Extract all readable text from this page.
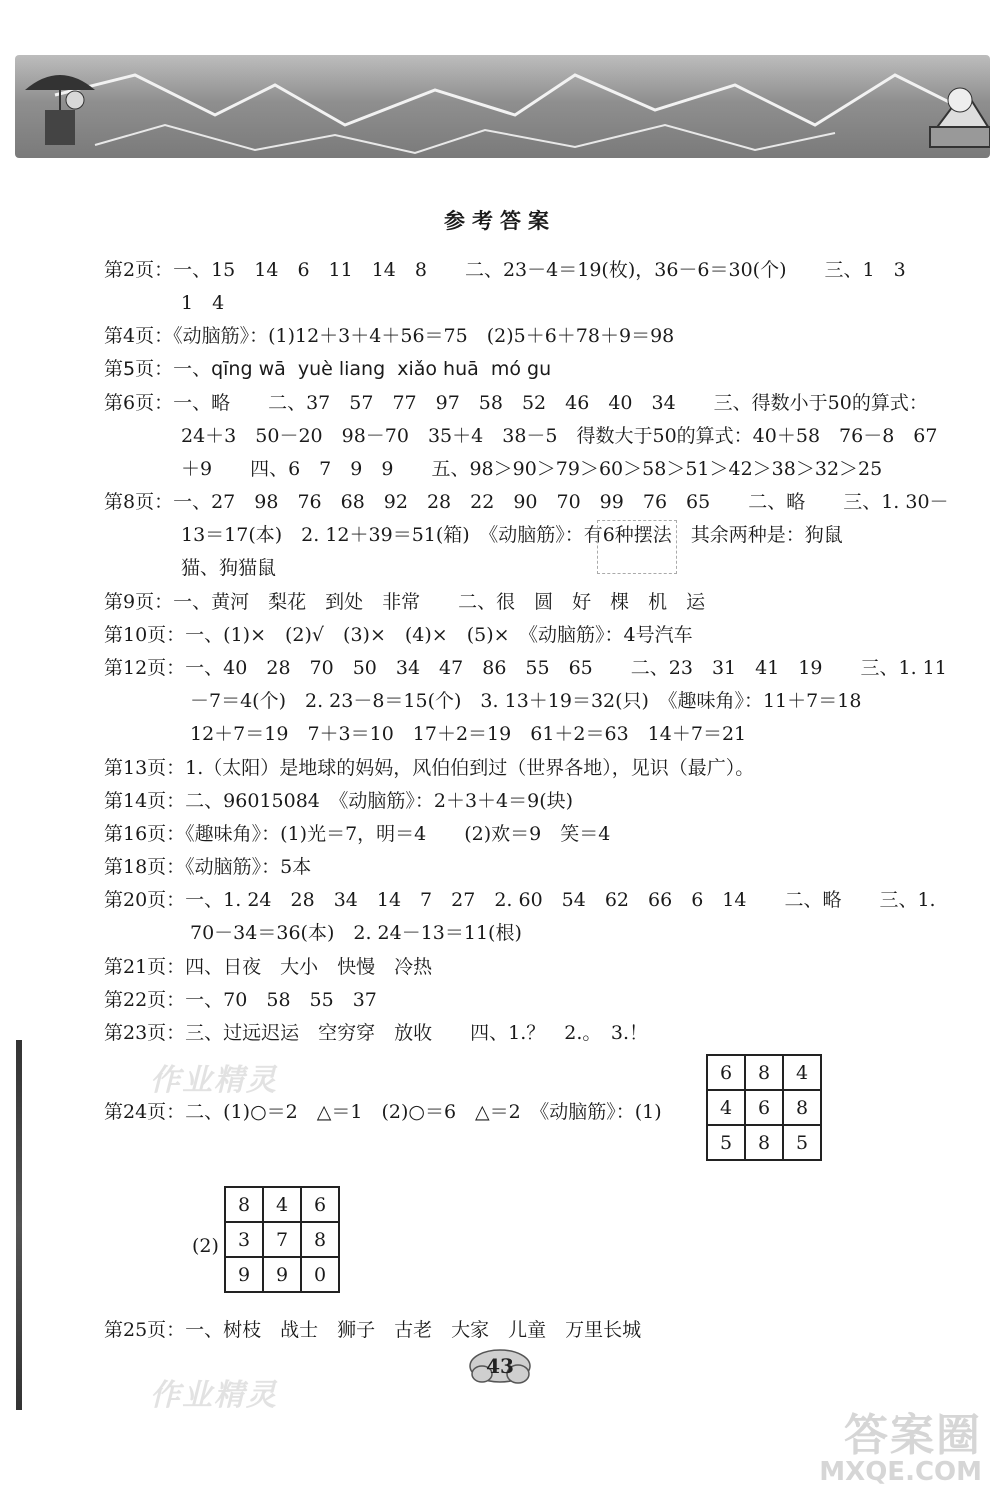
参考答案
第2页：一、15　14　6　11　14　8　　二、23－4＝19(枚)，36－6＝30(个)　　三、1　3
1　4
第4页：《动脑筋》：(1)12＋3＋4＋56＝75　(2)5＋6＋78＋9＝98
第5页：一、qīng wā  yuè liang  xiǎo huā  mó gu
第6页：一、略　　二、37　57　77　97　58　52　46　40　34　　三、得数小于50的算式：
24＋3　50－20　98－70　35＋4　38－5　得数大于50的算式：40＋58　76－8　67
＋9　　四、6　7　9　9　　五、98＞90＞79＞60＞58＞51＞42＞38＞32＞25
第8页：一、27　98　76　68　92　28　22　90　70　99　76　65　　二、略　　三、1. 30－
13＝17(本)　2. 12＋39＝51(箱)　《动脑筋》：有6种摆法　其余两种是：狗鼠
猫、狗猫鼠
第9页：一、黄河　梨花　到处　非常　　二、很　圆　好　棵　机　运
第10页：一、(1)×　(2)√　(3)×　(4)×　(5)×　《动脑筋》：4号汽车
第12页：一、40　28　70　50　34　47　86　55　65　　二、23　31　41　19　　三、1. 11
－7＝4(个)　2. 23－8＝15(个)　3. 13＋19＝32(只)　《趣味角》：11＋7＝18
12＋7＝19　7＋3＝10　17＋2＝19　61＋2＝63　14＋7＝21
第13页：1.（太阳）是地球的妈妈，风伯伯到过（世界各地），见识（最广）。
第14页：二、96015084　《动脑筋》：2＋3＋4＝9(块)
第16页：《趣味角》：(1)光＝7，明＝4　　(2)欢＝9　笑＝4
第18页：《动脑筋》：5本
第20页：一、1. 24　28　34　14　7　27　2. 60　54　62　66　6　14　　二、略　　三、1.
70－34＝36(本)　2. 24－13＝11(根)
第21页：四、日夜　大小　快慢　冷热
第22页：一、70　58　55　37
第23页：三、过远迟运　空穷穿　放收　　四、1.？　2.。　3.！
第24页：二、(1)○＝2　△＝1　(2)○＝6　△＝2　《动脑筋》：(1)
第25页：一、树枝　战士　狮子　古老　大家　儿童　万里长城
6	8	4
4	6	8
5	8	5
(2)
8	4	6
3	7	8
9	9	0
作业精灵
作业精灵
43
答案圈
MXQE.COM
